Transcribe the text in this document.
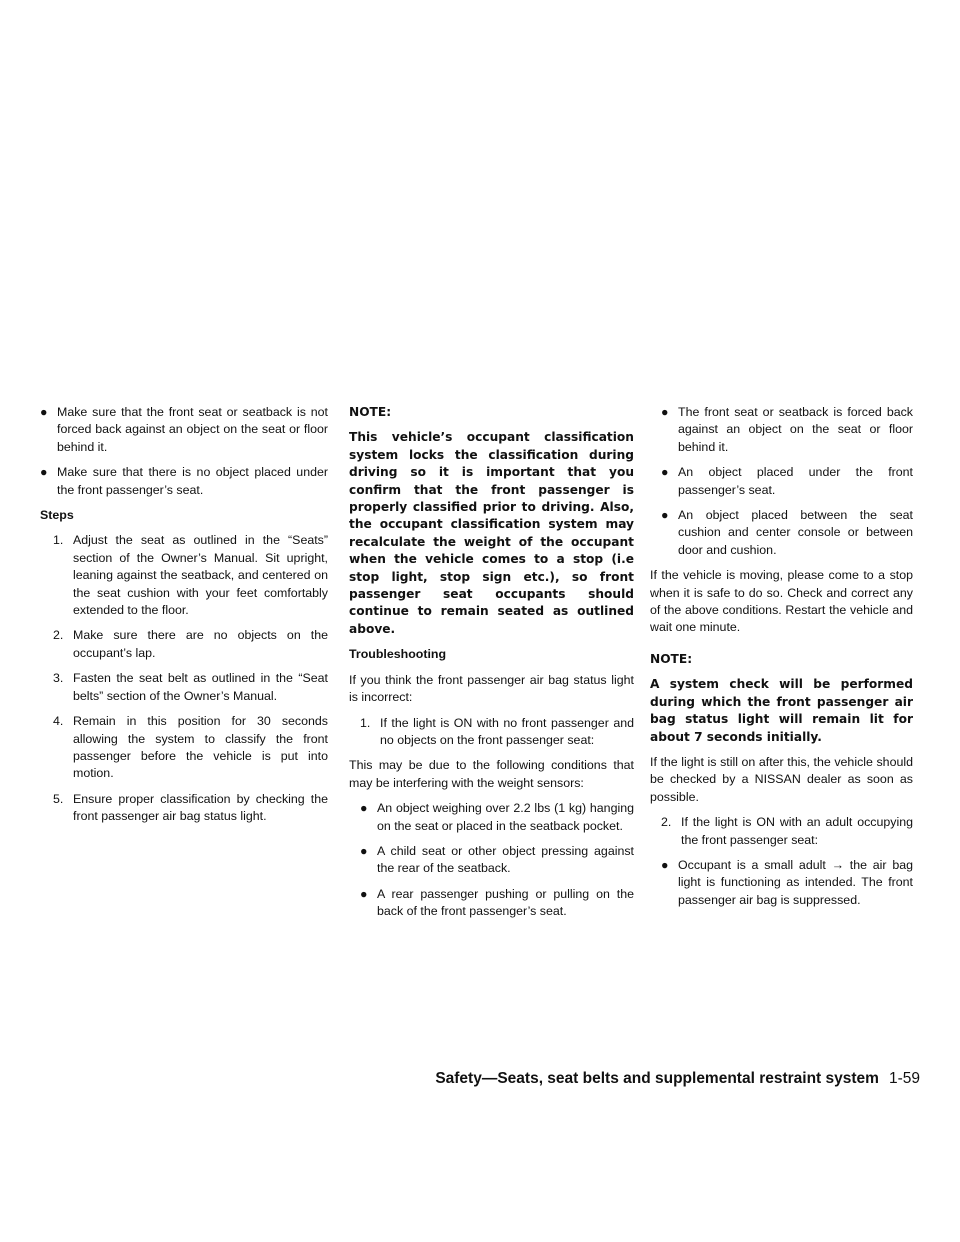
● Make sure that the front seat or seatback is not forced back against an object on the seat or floor behind it.
● Make sure that there is no object placed under the front passenger’s seat.
Steps
1. Adjust the seat as outlined in the “Seats” section of the Owner’s Manual. Sit upright, leaning against the seatback, and centered on the seat cushion with your feet comfortably extended to the floor.
2. Make sure there are no objects on the occupant’s lap.
3. Fasten the seat belt as outlined in the “Seat belts” section of the Owner’s Manual.
4. Remain in this position for 30 seconds allowing the system to classify the front passenger before the vehicle is put into motion.
5. Ensure proper classification by checking the front passenger air bag status light.
NOTE:
This vehicle’s occupant classification system locks the classification during driving so it is important that you confirm that the front passenger is properly classified prior to driving. Also, the occupant classification system may recalculate the weight of the occupant when the vehicle comes to a stop (i.e stop light, stop sign etc.), so front passenger seat occupants should continue to remain seated as outlined above.
Troubleshooting

If you think the front passenger air bag status light is incorrect:

1. If the light is ON with no front passenger and no objects on the front passenger seat:

This may be due to the following conditions that may be interfering with the weight sensors:

● An object weighing over 2.2 lbs (1 kg) hanging on the seat or placed in the seatback pocket.
● A child seat or other object pressing against the rear of the seatback.
● A rear passenger pushing or pulling on the back of the front passenger’s seat.
● The front seat or seatback is forced back against an object on the seat or floor behind it.
● An object placed under the front passenger’s seat.
● An object placed between the seat cushion and center console or between door and cushion.

If the vehicle is moving, please come to a stop when it is safe to do so. Check and correct any of the above conditions. Restart the vehicle and wait one minute.

NOTE:
A system check will be performed during which the front passenger air bag status light will remain lit for about 7 seconds initially.

If the light is still on after this, the vehicle should be checked by a NISSAN dealer as soon as possible.

2. If the light is ON with an adult occupying the front passenger seat:
● Occupant is a small adult → the air bag light is functioning as intended. The front passenger air bag is suppressed.
Safety—Seats, seat belts and supplemental restraint system 1-59
